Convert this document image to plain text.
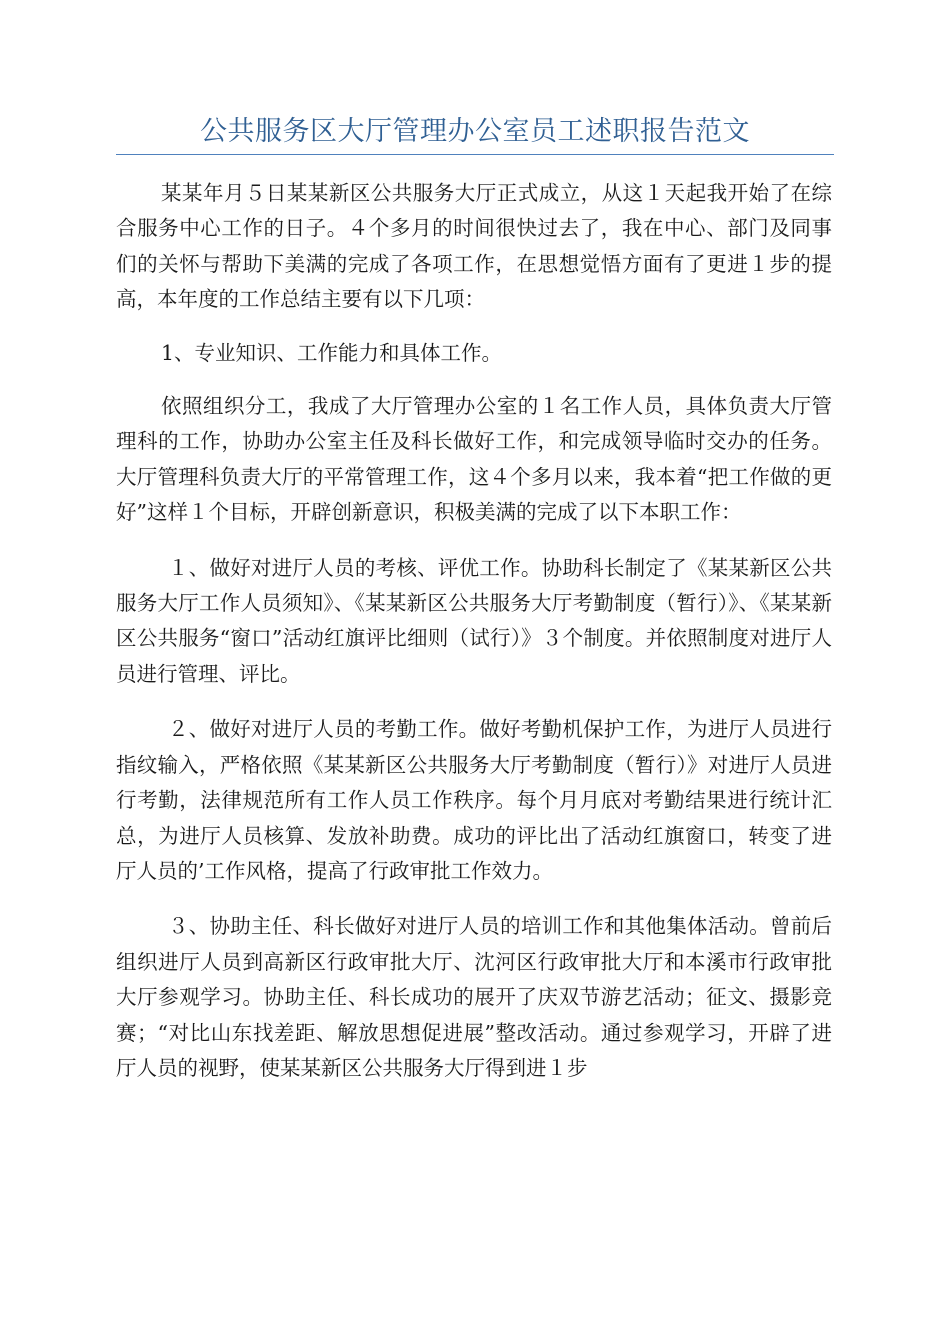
公共服务区大厅管理办公室员工述职报告范文

某某年月５日某某新区公共服务大厅正式成立，从这１天起我开始了在综合服务中心工作的日子。４个多月的时间很快过去了，我在中心、部门及同事们的关怀与帮助下美满的完成了各项工作，在思想觉悟方面有了更进１步的提高，本年度的工作总结主要有以下几项：

1、专业知识、工作能力和具体工作。

依照组织分工，我成了大厅管理办公室的１名工作人员，具体负责大厅管理科的工作，协助办公室主任及科长做好工作，和完成领导临时交办的任务。大厅管理科负责大厅的平常管理工作，这４个多月以来，我本着“把工作做的更好”这样１个目标，开辟创新意识，积极美满的完成了以下本职工作：

１、做好对进厅人员的考核、评优工作。协助科长制定了《某某新区公共服务大厅工作人员须知》、《某某新区公共服务大厅考勤制度（暂行）》、《某某新区公共服务“窗口”活动红旗评比细则（试行）》３个制度。并依照制度对进厅人员进行管理、评比。

２、做好对进厅人员的考勤工作。做好考勤机保护工作，为进厅人员进行指纹输入，严格依照《某某新区公共服务大厅考勤制度（暂行）》对进厅人员进行考勤，法律规范所有工作人员工作秩序。每个月月底对考勤结果进行统计汇总，为进厅人员核算、发放补助费。成功的评比出了活动红旗窗口，转变了进厅人员的’工作风格，提高了行政审批工作效力。

３、协助主任、科长做好对进厅人员的培训工作和其他集体活动。曾前后组织进厅人员到高新区行政审批大厅、沈河区行政审批大厅和本溪市行政审批大厅参观学习。协助主任、科长成功的展开了庆双节游艺活动；征文、摄影竞赛；“对比山东找差距、解放思想促进展”整改活动。通过参观学习，开辟了进厅人员的视野，使某某新区公共服务大厅得到进１步
